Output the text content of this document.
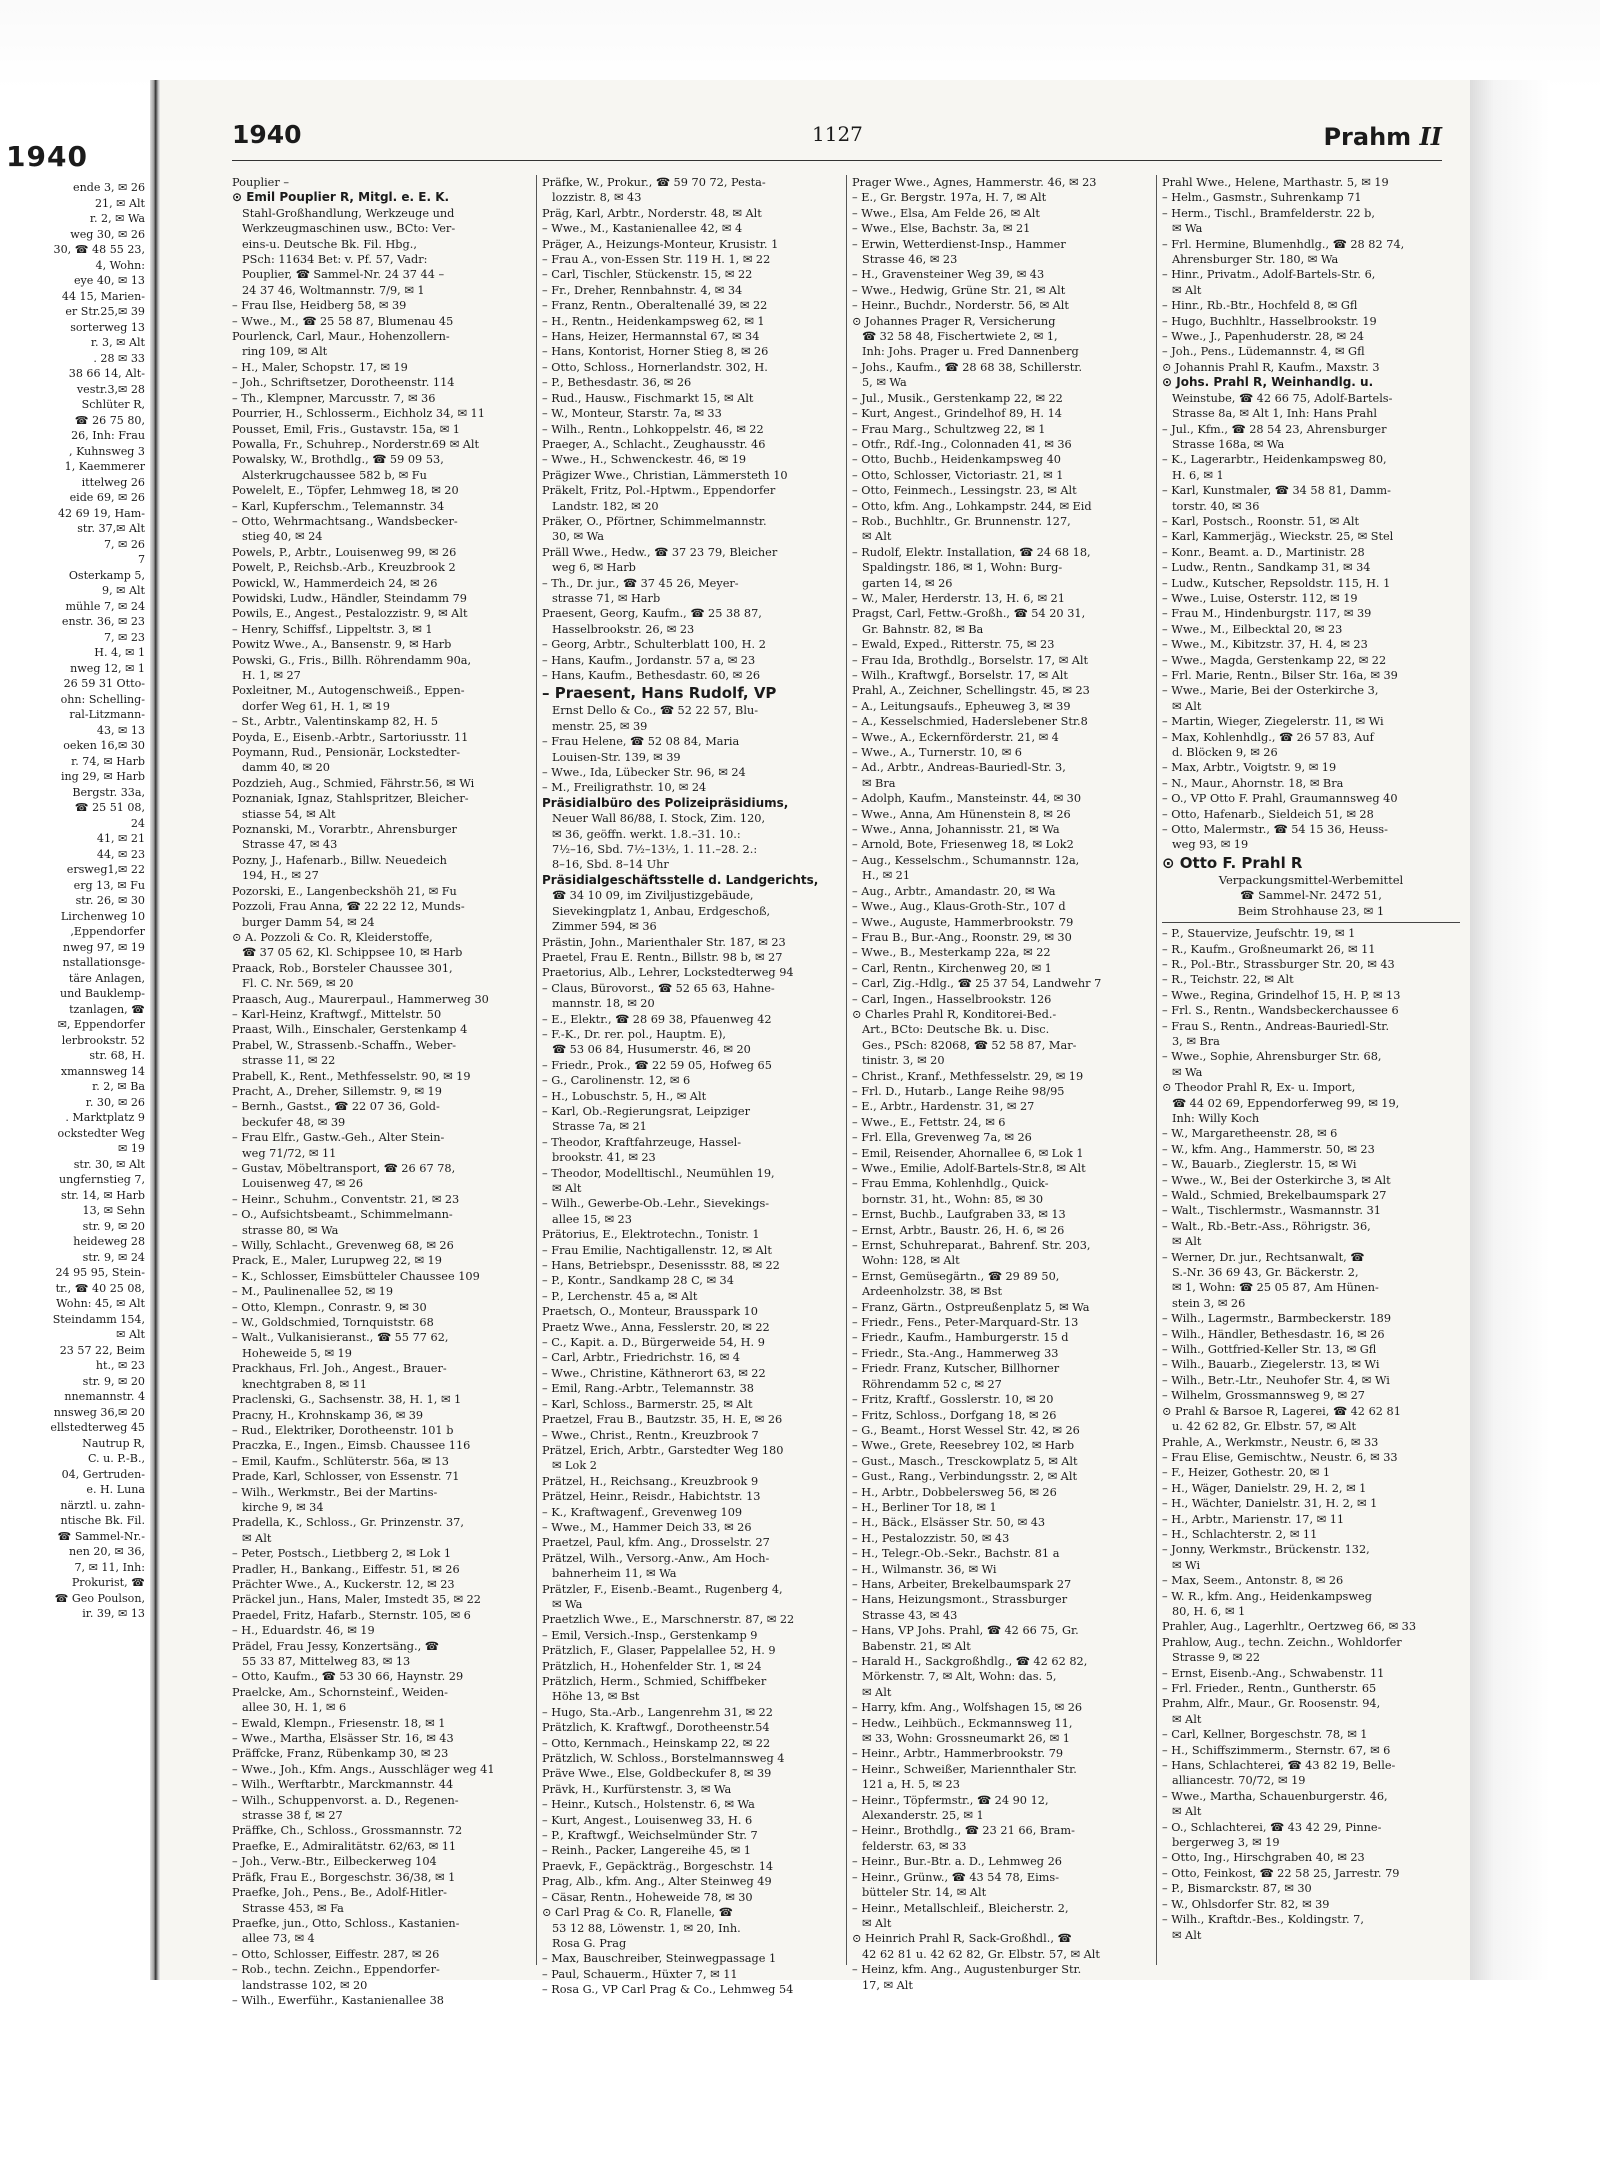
1940
ende 3, ✉ 26
21, ✉ Alt
r. 2, ✉ Wa
weg 30, ✉ 26
30, ☎ 48 55 23,
4, Wohn:
eye 40, ✉ 13
44 15, Marien-
er Str.25,✉ 39
sorterweg 13
r. 3, ✉ Alt
. 28 ✉ 33
38 66 14, Alt-
vestr.3,✉ 28
Schlüter R,
☎ 26 75 80,
26, Inh: Frau
, Kuhnsweg 3
1, Kaemmerer
ittelweg 26
eide 69, ✉ 26
42 69 19, Ham-
str. 37,✉ Alt
7, ✉ 26
7
Osterkamp 5,
9, ✉ Alt
mühle 7, ✉ 24
enstr. 36, ✉ 23
7, ✉ 23
H. 4, ✉ 1
nweg 12, ✉ 1
26 59 31 Otto-
ohn: Schelling-
ral-Litzmann-
43, ✉ 13
oeken 16,✉ 30
r. 74, ✉ Harb
ing 29, ✉ Harb
Bergstr. 33a,
☎ 25 51 08,
24
41, ✉ 21
44, ✉ 23
ersweg1,✉ 22
erg 13, ✉ Fu
str. 26, ✉ 30
Lirchenweg 10
,Eppendorfer
nweg 97, ✉ 19
nstallationsge-
täre Anlagen,
und Bauklemp-
tzanlagen, ☎
✉, Eppendorfer
lerbrookstr. 52
str. 68, H.
xmannsweg 14
r. 2, ✉ Ba
r. 30, ✉ 26
. Marktplatz 9
ockstedter Weg
✉ 19
str. 30, ✉ Alt
ungfernstieg 7,
str. 14, ✉ Harb
13, ✉ Sehn
str. 9, ✉ 20
heideweg 28
str. 9, ✉ 24
24 95 95, Stein-
tr., ☎ 40 25 08,
Wohn: 45, ✉ Alt
Steindamm 154,
✉ Alt
23 57 22, Beim
ht., ✉ 23
str. 9, ✉ 20
nnemannstr. 4
nnsweg 36,✉ 20
ellstedterweg 45
Nautrup R,
C. u. P.-B.,
04, Gertruden-
e. H. Luna
närztl. u. zahn-
ntische Bk. Fil.
☎ Sammel-Nr.-
nen 20, ✉ 36,
7, ✉ 11, Inh:
Prokurist, ☎
☎ Geo Poulson,
ir. 39, ✉ 13
1940	1127	Prahm II
Pouplier –
⊙ Emil Pouplier R, Mitgl. e. E. K.
Stahl-Großhandlung, Werkzeuge und
Werkzeugmaschinen usw., BCto: Ver-
eins-u. Deutsche Bk. Fil. Hbg.,
PSch: 11634 Bet: v. Pf. 57, Vadr:
Pouplier, ☎ Sammel-Nr. 24 37 44 –
24 37 46, Woltmannstr. 7/9, ✉ 1
– Frau Ilse, Heidberg 58, ✉ 39
– Wwe., M., ☎ 25 58 87, Blumenau 45
Pourlenck, Carl, Maur., Hohenzollern-
ring 109, ✉ Alt
– H., Maler, Schopstr. 17, ✉ 19
– Joh., Schriftsetzer, Dorotheenstr. 114
– Th., Klempner, Marcusstr. 7, ✉ 36
Pourrier, H., Schlosserm., Eichholz 34, ✉ 11
Pousset, Emil, Fris., Gustavstr. 15a, ✉ 1
Powalla, Fr., Schuhrep., Norderstr.69 ✉ Alt
Powalsky, W., Brothdlg., ☎ 59 09 53,
Alsterkrugchaussee 582 b, ✉ Fu
Powelelt, E., Töpfer, Lehmweg 18, ✉ 20
– Karl, Kupferschm., Telemannstr. 34
– Otto, Wehrmachtsang., Wandsbecker-
stieg 40, ✉ 24
Powels, P., Arbtr., Louisenweg 99, ✉ 26
Powelt, P., Reichsb.-Arb., Kreuzbrook 2
Powickl, W., Hammerdeich 24, ✉ 26
Powidski, Ludw., Händler, Steindamm 79
Powils, E., Angest., Pestalozzistr. 9, ✉ Alt
– Henry, Schiffsf., Lippeltstr. 3, ✉ 1
Powitz Wwe., A., Bansenstr. 9, ✉ Harb
Powski, G., Fris., Billh. Röhrendamm 90a,
H. 1, ✉ 27
Poxleitner, M., Autogenschweiß., Eppen-
dorfer Weg 61, H. 1, ✉ 19
– St., Arbtr., Valentinskamp 82, H. 5
Poyda, E., Eisenb.-Arbtr., Sartoriusstr. 11
Poymann, Rud., Pensionär, Lockstedter-
damm 40, ✉ 20
Pozdzieh, Aug., Schmied, Fährstr.56, ✉ Wi
Poznaniak, Ignaz, Stahlspritzer, Bleicher-
stiasse 54, ✉ Alt
Poznanski, M., Vorarbtr., Ahrensburger
Strasse 47, ✉ 43
Pozny, J., Hafenarb., Billw. Neuedeich
194, H., ✉ 27
Pozorski, E., Langenbeckshöh 21, ✉ Fu
Pozzoli, Frau Anna, ☎ 22 22 12, Munds-
burger Damm 54, ✉ 24
⊙ A. Pozzoli & Co. R, Kleiderstoffe,
☎ 37 05 62, Kl. Schippsee 10, ✉ Harb
Praack, Rob., Borsteler Chaussee 301,
Fl. C. Nr. 569, ✉ 20
Praasch, Aug., Maurerpaul., Hammerweg 30
– Karl-Heinz, Kraftwgf., Mittelstr. 50
Praast, Wilh., Einschaler, Gerstenkamp 4
Prabel, W., Strassenb.-Schaffn., Weber-
strasse 11, ✉ 22
Prabell, K., Rent., Methfesselstr. 90, ✉ 19
Pracht, A., Dreher, Sillemstr. 9, ✉ 19
– Bernh., Gastst., ☎ 22 07 36, Gold-
beckufer 48, ✉ 39
– Frau Elfr., Gastw.-Geh., Alter Stein-
weg 71/72, ✉ 11
– Gustav, Möbeltransport, ☎ 26 67 78,
Louisenweg 47, ✉ 26
– Heinr., Schuhm., Conventstr. 21, ✉ 23
– O., Aufsichtsbeamt., Schimmelmann-
strasse 80, ✉ Wa
– Willy, Schlacht., Grevenweg 68, ✉ 26
Prack, E., Maler, Lurupweg 22, ✉ 19
– K., Schlosser, Eimsbütteler Chaussee 109
– M., Paulinenallee 52, ✉ 19
– Otto, Klempn., Conrastr. 9, ✉ 30
– W., Goldschmied, Tornquiststr. 68
– Walt., Vulkanisieranst., ☎ 55 77 62,
Hoheweide 5, ✉ 19
Prackhaus, Frl. Joh., Angest., Brauer-
knechtgraben 8, ✉ 11
Praclenski, G., Sachsenstr. 38, H. 1, ✉ 1
Pracny, H., Krohnskamp 36, ✉ 39
– Rud., Elektriker, Dorotheenstr. 101 b
Praczka, E., Ingen., Eimsb. Chaussee 116
– Emil, Kaufm., Schlüterstr. 56a, ✉ 13
Prade, Karl, Schlosser, von Essenstr. 71
– Wilh., Werkmstr., Bei der Martins-
kirche 9, ✉ 34
Pradella, K., Schloss., Gr. Prinzenstr. 37,
✉ Alt
– Peter, Postsch., Lietbberg 2, ✉ Lok 1
Pradler, H., Bankang., Eiffestr. 51, ✉ 26
Prächter Wwe., A., Kuckerstr. 12, ✉ 23
Präckel jun., Hans, Maler, Imstedt 35, ✉ 22
Praedel, Fritz, Hafarb., Sternstr. 105, ✉ 6
– H., Eduardstr. 46, ✉ 19
Prädel, Frau Jessy, Konzertsäng., ☎
55 33 87, Mittelweg 83, ✉ 13
– Otto, Kaufm., ☎ 53 30 66, Haynstr. 29
Praelcke, Am., Schornsteinf., Weiden-
allee 30, H. 1, ✉ 6
– Ewald, Klempn., Friesenstr. 18, ✉ 1
– Wwe., Martha, Elsässer Str. 16, ✉ 43
Präffcke, Franz, Rübenkamp 30, ✉ 23
– Wwe., Joh., Kfm. Angs., Ausschläger weg 41
– Wilh., Werftarbtr., Marckmannstr. 44
– Wilh., Schuppenvorst. a. D., Regenen-
strasse 38 f, ✉ 27
Präffke, Ch., Schloss., Grossmannstr. 72
Praefke, E., Admiralitätstr. 62/63, ✉ 11
– Joh., Verw.-Btr., Eilbeckerweg 104
Präfk, Frau E., Borgeschstr. 36/38, ✉ 1
Praefke, Joh., Pens., Be., Adolf-Hitler-
Strasse 453, ✉ Fa
Praefke, jun., Otto, Schloss., Kastanien-
allee 73, ✉ 4
– Otto, Schlosser, Eiffestr. 287, ✉ 26
– Rob., techn. Zeichn., Eppendorfer-
landstrasse 102, ✉ 20
– Wilh., Ewerführ., Kastanienallee 38
Präfke, W., Prokur., ☎ 59 70 72, Pesta-
lozzistr. 8, ✉ 43
Präg, Karl, Arbtr., Norderstr. 48, ✉ Alt
– Wwe., M., Kastanienallee 42, ✉ 4
Präger, A., Heizungs-Monteur, Krusistr. 1
– Frau A., von-Essen Str. 119 H. 1, ✉ 22
– Carl, Tischler, Stückenstr. 15, ✉ 22
– Fr., Dreher, Rennbahnstr. 4, ✉ 34
– Franz, Rentn., Oberaltenallé 39, ✉ 22
– H., Rentn., Heidenkampsweg 62, ✉ 1
– Hans, Heizer, Hermannstal 67, ✉ 34
– Hans, Kontorist, Horner Stieg 8, ✉ 26
– Otto, Schloss., Hornerlandstr. 302, H.
– P., Bethesdastr. 36, ✉ 26
– Rud., Hausw., Fischmarkt 15, ✉ Alt
– W., Monteur, Starstr. 7a, ✉ 33
– Wilh., Rentn., Lohkoppelstr. 46, ✉ 22
Praeger, A., Schlacht., Zeughausstr. 46
– Wwe., H., Schwenckestr. 46, ✉ 19
Prägizer Wwe., Christian, Lämmersteth 10
Präkelt, Fritz, Pol.-Hptwm., Eppendorfer
Landstr. 182, ✉ 20
Präker, O., Pförtner, Schimmelmannstr.
30, ✉ Wa
Präll Wwe., Hedw., ☎ 37 23 79, Bleicher
weg 6, ✉ Harb
– Th., Dr. jur., ☎ 37 45 26, Meyer-
strasse 71, ✉ Harb
Praesent, Georg, Kaufm., ☎ 25 38 87,
Hasselbrookstr. 26, ✉ 23
– Georg, Arbtr., Schulterblatt 100, H. 2
– Hans, Kaufm., Jordanstr. 57 a, ✉ 23
– Hans, Kaufm., Bethesdastr. 60, ✉ 26
– Praesent, Hans Rudolf, VP
Ernst Dello & Co., ☎ 52 22 57, Blu-
menstr. 25, ✉ 39
– Frau Helene, ☎ 52 08 84, Maria
Louisen-Str. 139, ✉ 39
– Wwe., Ida, Lübecker Str. 96, ✉ 24
– M., Freiligrathstr. 10, ✉ 24
Präsidialbüro des Polizeipräsidiums,
Neuer Wall 86/88, I. Stock, Zim. 120,
✉ 36, geöffn. werkt. 1.8.–31. 10.:
7½–16, Sbd. 7½–13½, 1. 11.–28. 2.:
8–16, Sbd. 8–14 Uhr
Präsidialgeschäftsstelle d. Landgerichts,
☎ 34 10 09, im Ziviljustizgebäude,
Sievekingplatz 1, Anbau, Erdgeschoß,
Zimmer 594, ✉ 36
Prästin, John., Marienthaler Str. 187, ✉ 23
Praetel, Frau E. Rentn., Billstr. 98 b, ✉ 27
Praetorius, Alb., Lehrer, Lockstedterweg 94
– Claus, Bürovorst., ☎ 52 65 63, Hahne-
mannstr. 18, ✉ 20
– E., Elektr., ☎ 28 69 38, Pfauenweg 42
– F.-K., Dr. rer. pol., Hauptm. E),
☎ 53 06 84, Husumerstr. 46, ✉ 20
– Friedr., Prok., ☎ 22 59 05, Hofweg 65
– G., Carolinenstr. 12, ✉ 6
– H., Lobuschstr. 5, H., ✉ Alt
– Karl, Ob.-Regierungsrat, Leipziger
Strasse 7a, ✉ 21
– Theodor, Kraftfahrzeuge, Hassel-
brookstr. 41, ✉ 23
– Theodor, Modelltischl., Neumühlen 19,
✉ Alt
– Wilh., Gewerbe-Ob.-Lehr., Sievekings-
allee 15, ✉ 23
Prätorius, E., Elektrotechn., Tonistr. 1
– Frau Emilie, Nachtigallenstr. 12, ✉ Alt
– Hans, Betriebspr., Desenissstr. 88, ✉ 22
– P., Kontr., Sandkamp 28 C, ✉ 34
– P., Lerchenstr. 45 a, ✉ Alt
Praetsch, O., Monteur, Brausspark 10
Praetz Wwe., Anna, Fesslerstr. 20, ✉ 22
– C., Kapit. a. D., Bürgerweide 54, H. 9
– Carl, Arbtr., Friedrichstr. 16, ✉ 4
– Wwe., Christine, Käthnerort 63, ✉ 22
– Emil, Rang.-Arbtr., Telemannstr. 38
– Karl, Schloss., Barmerstr. 25, ✉ Alt
Praetzel, Frau B., Bautzstr. 35, H. E, ✉ 26
– Wwe., Christ., Rentn., Kreuzbrook 7
Prätzel, Erich, Arbtr., Garstedter Weg 180
✉ Lok 2
Prätzel, H., Reichsang., Kreuzbrook 9
Prätzel, Heinr., Reisdr., Habichtstr. 13
– K., Kraftwagenf., Grevenweg 109
– Wwe., M., Hammer Deich 33, ✉ 26
Praetzel, Paul, kfm. Ang., Drosselstr. 27
Prätzel, Wilh., Versorg.-Anw., Am Hoch-
bahnerheim 11, ✉ Wa
Prätzler, F., Eisenb.-Beamt., Rugenberg 4,
✉ Wa
Praetzlich Wwe., E., Marschnerstr. 87, ✉ 22
– Emil, Versich.-Insp., Gerstenkamp 9
Prätzlich, F., Glaser, Pappelallee 52, H. 9
Prätzlich, H., Hohenfelder Str. 1, ✉ 24
Prätzlich, Herm., Schmied, Schiffbeker
Höhe 13, ✉ Bst
– Hugo, Sta.-Arb., Langenrehm 31, ✉ 22
Prätzlich, K. Kraftwgf., Dorotheenstr.54
– Otto, Kernmach., Heinskamp 22, ✉ 22
Prätzlich, W. Schloss., Borstelmannsweg 4
Präve Wwe., Else, Goldbeckufer 8, ✉ 39
Prävk, H., Kurfürstenstr. 3, ✉ Wa
– Heinr., Kutsch., Holstenstr. 6, ✉ Wa
– Kurt, Angest., Louisenweg 33, H. 6
– P., Kraftwgf., Weichselmünder Str. 7
– Reinh., Packer, Langereihe 45, ✉ 1
Praevk, F., Gepäckträg., Borgeschstr. 14
Prag, Alb., kfm. Ang., Alter Steinweg 49
– Cäsar, Rentn., Hoheweide 78, ✉ 30
⊙ Carl Prag & Co. R, Flanelle, ☎
53 12 88, Löwenstr. 1, ✉ 20, Inh.
Rosa G. Prag
– Max, Bauschreiber, Steinwegpassage 1
– Paul, Schauerm., Hüxter 7, ✉ 11
– Rosa G., VP Carl Prag & Co., Lehmweg 54
Prager Wwe., Agnes, Hammerstr. 46, ✉ 23
– E., Gr. Bergstr. 197a, H. 7, ✉ Alt
– Wwe., Elsa, Am Felde 26, ✉ Alt
– Wwe., Else, Bachstr. 3a, ✉ 21
– Erwin, Wetterdienst-Insp., Hammer
Strasse 46, ✉ 23
– H., Gravensteiner Weg 39, ✉ 43
– Wwe., Hedwig, Grüne Str. 21, ✉ Alt
– Heinr., Buchdr., Norderstr. 56, ✉ Alt
⊙ Johannes Prager R, Versicherung
☎ 32 58 48, Fischertwiete 2, ✉ 1,
Inh: Johs. Prager u. Fred Dannenberg
– Johs., Kaufm., ☎ 28 68 38, Schillerstr.
5, ✉ Wa
– Jul., Musik., Gerstenkamp 22, ✉ 22
– Kurt, Angest., Grindelhof 89, H. 14
– Frau Marg., Schultzweg 22, ✉ 1
– Otfr., Rdf.-Ing., Colonnaden 41, ✉ 36
– Otto, Buchb., Heidenkampsweg 40
– Otto, Schlosser, Victoriastr. 21, ✉ 1
– Otto, Feinmech., Lessingstr. 23, ✉ Alt
– Otto, kfm. Ang., Lohkampstr. 244, ✉ Eid
– Rob., Buchhltr., Gr. Brunnenstr. 127,
✉ Alt
– Rudolf, Elektr. Installation, ☎ 24 68 18,
Spaldingstr. 186, ✉ 1, Wohn: Burg-
garten 14, ✉ 26
– W., Maler, Herderstr. 13, H. 6, ✉ 21
Pragst, Carl, Fettw.-Großh., ☎ 54 20 31,
Gr. Bahnstr. 82, ✉ Ba
– Ewald, Exped., Ritterstr. 75, ✉ 23
– Frau Ida, Brothdlg., Borselstr. 17, ✉ Alt
– Wilh., Kraftwgf., Borselstr. 17, ✉ Alt
Prahl, A., Zeichner, Schellingstr. 45, ✉ 23
– A., Leitungsaufs., Epheuweg 3, ✉ 39
– A., Kesselschmied, Haderslebener Str.8
– Wwe., A., Eckernförderstr. 21, ✉ 4
– Wwe., A., Turnerstr. 10, ✉ 6
– Ad., Arbtr., Andreas-Bauriedl-Str. 3,
✉ Bra
– Adolph, Kaufm., Mansteinstr. 44, ✉ 30
– Wwe., Anna, Am Hünenstein 8, ✉ 26
– Wwe., Anna, Johannisstr. 21, ✉ Wa
– Arnold, Bote, Friesenweg 18, ✉ Lok2
– Aug., Kesselschm., Schumannstr. 12a,
H., ✉ 21
– Aug., Arbtr., Amandastr. 20, ✉ Wa
– Wwe., Aug., Klaus-Groth-Str., 107 d
– Wwe., Auguste, Hammerbrookstr. 79
– Frau B., Bur.-Ang., Roonstr. 29, ✉ 30
– Wwe., B., Mesterkamp 22a, ✉ 22
– Carl, Rentn., Kirchenweg 20, ✉ 1
– Carl, Zig.-Hdlg., ☎ 25 37 54, Landwehr 7
– Carl, Ingen., Hasselbrookstr. 126
⊙ Charles Prahl R, Konditorei-Bed.-
Art., BCto: Deutsche Bk. u. Disc.
Ges., PSch: 82068, ☎ 52 58 87, Mar-
tinistr. 3, ✉ 20
– Christ., Kranf., Methfesselstr. 29, ✉ 19
– Frl. D., Hutarb., Lange Reihe 98/95
– E., Arbtr., Hardenstr. 31, ✉ 27
– Wwe., E., Fettstr. 24, ✉ 6
– Frl. Ella, Grevenweg 7a, ✉ 26
– Emil, Reisender, Ahornallee 6, ✉ Lok 1
– Wwe., Emilie, Adolf-Bartels-Str.8, ✉ Alt
– Frau Emma, Kohlenhdlg., Quick-
bornstr. 31, ht., Wohn: 85, ✉ 30
– Ernst, Buchb., Laufgraben 33, ✉ 13
– Ernst, Arbtr., Baustr. 26, H. 6, ✉ 26
– Ernst, Schuhreparat., Bahrenf. Str. 203,
Wohn: 128, ✉ Alt
– Ernst, Gemüsegärtn., ☎ 29 89 50,
Ardeenholzstr. 38, ✉ Bst
– Franz, Gärtn., Ostpreußenplatz 5, ✉ Wa
– Friedr., Fens., Peter-Marquard-Str. 13
– Friedr., Kaufm., Hamburgerstr. 15 d
– Friedr., Sta.-Ang., Hammerweg 33
– Friedr. Franz, Kutscher, Billhorner
Röhrendamm 52 c, ✉ 27
– Fritz, Kraftf., Gosslerstr. 10, ✉ 20
– Fritz, Schloss., Dorfgang 18, ✉ 26
– G., Beamt., Horst Wessel Str. 42, ✉ 26
– Wwe., Grete, Reesebrey 102, ✉ Harb
– Gust., Masch., Tresckowplatz 5, ✉ Alt
– Gust., Rang., Verbindungsstr. 2, ✉ Alt
– H., Arbtr., Dobbelersweg 56, ✉ 26
– H., Berliner Tor 18, ✉ 1
– H., Bäck., Elsässer Str. 50, ✉ 43
– H., Pestalozzistr. 50, ✉ 43
– H., Telegr.-Ob.-Sekr., Bachstr. 81 a
– H., Wilmanstr. 36, ✉ Wi
– Hans, Arbeiter, Brekelbaumspark 27
– Hans, Heizungsmont., Strassburger
Strasse 43, ✉ 43
– Hans, VP Johs. Prahl, ☎ 42 66 75, Gr.
Babenstr. 21, ✉ Alt
– Harald H., Sackgroßhdlg., ☎ 42 62 82,
Mörkenstr. 7, ✉ Alt, Wohn: das. 5,
✉ Alt
– Harry, kfm. Ang., Wolfshagen 15, ✉ 26
– Hedw., Leihbüch., Eckmannsweg 11,
✉ 33, Wohn: Grossneumarkt 26, ✉ 1
– Heinr., Arbtr., Hammerbrookstr. 79
– Heinr., Schweißer, Mariennthaler Str.
121 a, H. 5, ✉ 23
– Heinr., Töpfermstr., ☎ 24 90 12,
Alexanderstr. 25, ✉ 1
– Heinr., Brothdlg., ☎ 23 21 66, Bram-
felderstr. 63, ✉ 33
– Heinr., Bur.-Btr. a. D., Lehmweg 26
– Heinr., Grünw., ☎ 43 54 78, Eims-
bütteler Str. 14, ✉ Alt
– Heinr., Metallschleif., Bleicherstr. 2,
✉ Alt
⊙ Heinrich Prahl R, Sack-Großhdl., ☎
42 62 81 u. 42 62 82, Gr. Elbstr. 57, ✉ Alt
– Heinz, kfm. Ang., Augustenburger Str.
17, ✉ Alt
Prahl Wwe., Helene, Marthastr. 5, ✉ 19
– Helm., Gasmstr., Suhrenkamp 71
– Herm., Tischl., Bramfelderstr. 22 b,
✉ Wa
– Frl. Hermine, Blumenhdlg., ☎ 28 82 74,
Ahrensburger Str. 180, ✉ Wa
– Hinr., Privatm., Adolf-Bartels-Str. 6,
✉ Alt
– Hinr., Rb.-Btr., Hochfeld 8, ✉ Gfl
– Hugo, Buchhltr., Hasselbrookstr. 19
– Wwe., J., Papenhuderstr. 28, ✉ 24
– Joh., Pens., Lüdemannstr. 4, ✉ Gfl
⊙ Johannis Prahl R, Kaufm., Maxstr. 3
⊙ Johs. Prahl R, Weinhandlg. u.
Weinstube, ☎ 42 66 75, Adolf-Bartels-
Strasse 8a, ✉ Alt 1, Inh: Hans Prahl
– Jul., Kfm., ☎ 28 54 23, Ahrensburger
Strasse 168a, ✉ Wa
– K., Lagerarbtr., Heidenkampsweg 80,
H. 6, ✉ 1
– Karl, Kunstmaler, ☎ 34 58 81, Damm-
torstr. 40, ✉ 36
– Karl, Postsch., Roonstr. 51, ✉ Alt
– Karl, Kammerjäg., Wieckstr. 25, ✉ Stel
– Konr., Beamt. a. D., Martinistr. 28
– Ludw., Rentn., Sandkamp 31, ✉ 34
– Ludw., Kutscher, Repsoldstr. 115, H. 1
– Wwe., Luise, Osterstr. 112, ✉ 19
– Frau M., Hindenburgstr. 117, ✉ 39
– Wwe., M., Eilbecktal 20, ✉ 23
– Wwe., M., Kibitzstr. 37, H. 4, ✉ 23
– Wwe., Magda, Gerstenkamp 22, ✉ 22
– Frl. Marie, Rentn., Bilser Str. 16a, ✉ 39
– Wwe., Marie, Bei der Osterkirche 3,
✉ Alt
– Martin, Wieger, Ziegelerstr. 11, ✉ Wi
– Max, Kohlenhdlg., ☎ 26 57 83, Auf
d. Blöcken 9, ✉ 26
– Max, Arbtr., Voigtstr. 9, ✉ 19
– N., Maur., Ahornstr. 18, ✉ Bra
– O., VP Otto F. Prahl, Graumannsweg 40
– Otto, Hafenarb., Sieldeich 51, ✉ 28
– Otto, Malermstr., ☎ 54 15 36, Heuss-
weg 93, ✉ 19
⊙ Otto F. Prahl R
Verpackungsmittel-Werbemittel
☎ Sammel-Nr. 2472 51,
Beim Strohhause 23, ✉ 1
– P., Stauervize, Jeufschtr. 19, ✉ 1
– R., Kaufm., Großneumarkt 26, ✉ 11
– R., Pol.-Btr., Strassburger Str. 20, ✉ 43
– R., Teichstr. 22, ✉ Alt
– Wwe., Regina, Grindelhof 15, H. P, ✉ 13
– Frl. S., Rentn., Wandsbeckerchaussee 6
– Frau S., Rentn., Andreas-Bauriedl-Str.
3, ✉ Bra
– Wwe., Sophie, Ahrensburger Str. 68,
✉ Wa
⊙ Theodor Prahl R, Ex- u. Import,
☎ 44 02 69, Eppendorferweg 99, ✉ 19,
Inh: Willy Koch
– W., Margaretheenstr. 28, ✉ 6
– W., kfm. Ang., Hammerstr. 50, ✉ 23
– W., Bauarb., Zieglerstr. 15, ✉ Wi
– Wwe., W., Bei der Osterkirche 3, ✉ Alt
– Wald., Schmied, Brekelbaumspark 27
– Walt., Tischlermstr., Wasmannstr. 31
– Walt., Rb.-Betr.-Ass., Röhrigstr. 36,
✉ Alt
– Werner, Dr. jur., Rechtsanwalt, ☎
S.-Nr. 36 69 43, Gr. Bäckerstr. 2,
✉ 1, Wohn: ☎ 25 05 87, Am Hünen-
stein 3, ✉ 26
– Wilh., Lagermstr., Barmbeckerstr. 189
– Wilh., Händler, Bethesdastr. 16, ✉ 26
– Wilh., Gottfried-Keller Str. 13, ✉ Gfl
– Wilh., Bauarb., Ziegelerstr. 13, ✉ Wi
– Wilh., Betr.-Ltr., Neuhofer Str. 4, ✉ Wi
– Wilhelm, Grossmannsweg 9, ✉ 27
⊙ Prahl & Barsoe R, Lagerei, ☎ 42 62 81
u. 42 62 82, Gr. Elbstr. 57, ✉ Alt
Prahle, A., Werkmstr., Neustr. 6, ✉ 33
– Frau Elise, Gemischtw., Neustr. 6, ✉ 33
– F., Heizer, Gothestr. 20, ✉ 1
– H., Wäger, Danielstr. 29, H. 2, ✉ 1
– H., Wächter, Danielstr. 31, H. 2, ✉ 1
– H., Arbtr., Marienstr. 17, ✉ 11
– H., Schlachterstr. 2, ✉ 11
– Jonny, Werkmstr., Brückenstr. 132,
✉ Wi
– Max, Seem., Antonstr. 8, ✉ 26
– W. R., kfm. Ang., Heidenkampsweg
80, H. 6, ✉ 1
Prahler, Aug., Lagerhltr., Oertzweg 66, ✉ 33
Prahlow, Aug., techn. Zeichn., Wohldorfer
Strasse 9, ✉ 22
– Ernst, Eisenb.-Ang., Schwabenstr. 11
– Frl. Frieder., Rentn., Guntherstr. 65
Prahm, Alfr., Maur., Gr. Roosenstr. 94,
✉ Alt
– Carl, Kellner, Borgeschstr. 78, ✉ 1
– H., Schiffszimmerm., Sternstr. 67, ✉ 6
– Hans, Schlachterei, ☎ 43 82 19, Belle-
alliancestr. 70/72, ✉ 19
– Wwe., Martha, Schauenburgerstr. 46,
✉ Alt
– O., Schlachterei, ☎ 43 42 29, Pinne-
bergerweg 3, ✉ 19
– Otto, Ing., Hirschgraben 40, ✉ 23
– Otto, Feinkost, ☎ 22 58 25, Jarrestr. 79
– P., Bismarckstr. 87, ✉ 30
– W., Ohlsdorfer Str. 82, ✉ 39
– Wilh., Kraftdr.-Bes., Koldingstr. 7,
✉ Alt
